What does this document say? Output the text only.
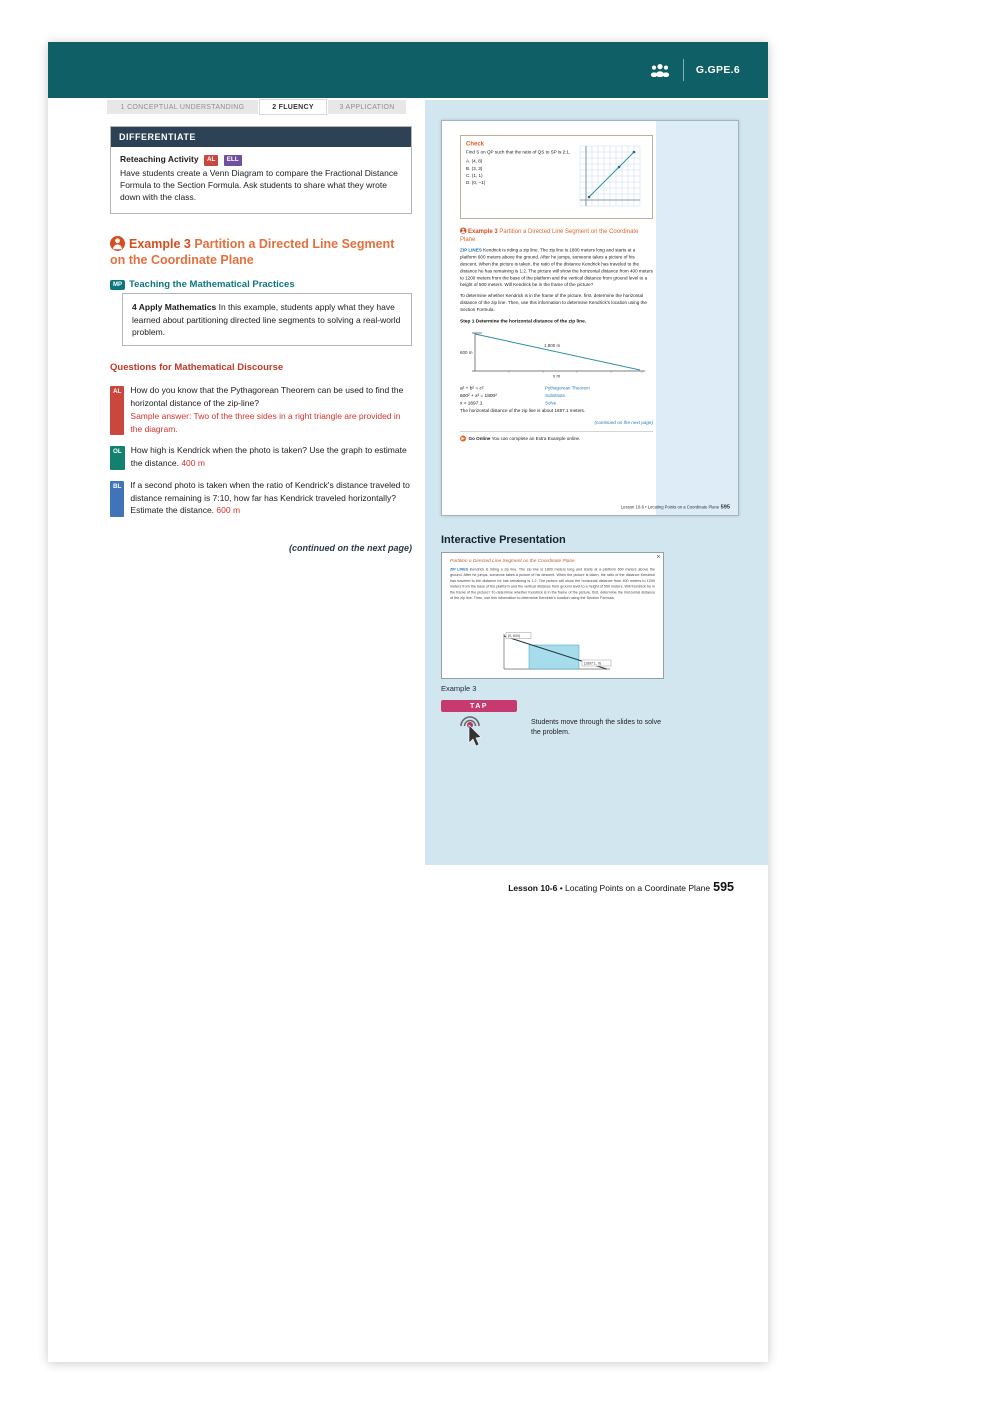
G.GPE.6
1 CONCEPTUAL UNDERSTANDING	2 FLUENCY	3 APPLICATION
DIFFERENTIATE
Reteaching Activity AL ELL

Have students create a Venn Diagram to compare the Fractional Distance Formula to the Section Formula. Ask students to share what they wrote down with the class.

Example 3 Partition a Directed Line Segment on the Coordinate Plane
MP Teaching the Mathematical Practices
4 Apply Mathematics In this example, students apply what they have learned about partitioning directed line segments to solving a real-world problem.
Questions for Mathematical Discourse
AL	How do you know that the Pythagorean Theorem can be used to find the horizontal distance of the zip-line?
Sample answer: Two of the three sides in a right triangle are provided in the diagram.
OL	How high is Kendrick when the photo is taken? Use the graph to estimate the distance. 400 m
BL	If a second photo is taken when the ratio of Kendrick's distance traveled to distance remaining is 7:10, how far has Kendrick traveled horizontally? Estimate the distance. 600 m
(continued on the next page)
Check
Find S on QP such that the ratio of QS to SP is 2:1.
A. (4, 8)
B. (3, 3)
C. (1, 1)
D. (0, −1)
Example 3 Partition a Directed Line Segment on the Coordinate Plane

ZIP LINES Kendrick is riding a zip line. The zip line is 1800 meters long and starts at a platform 600 meters above the ground. After he jumps, someone takes a picture of his descent. When the picture is taken, the ratio of the distance Kendrick has traveled to the distance he has remaining is 1:2. The picture will show the horizontal distance from 400 meters to 1200 meters from the base of the platform and the vertical distance from ground level to a height of 500 meters. Will Kendrick be in the frame of the picture?

To determine whether Kendrick is in the frame of the picture, first, determine the horizontal distance of the zip line. Then, use this information to determine Kendrick's location using the Section Formula.

Step 1 Determine the horizontal distance of the zip line.
600 m
1,800 m
x m
a² + b² = c²	Pythagorean Theorem
600² + x² = 1800²	Substitute.
x ≈ 1697.1	Solve.

The horizontal distance of the zip line is about 1697.1 meters.

(continued on the next page)
▶ Go Online You can complete an Extra Example online.
Lesson 10-6 • Locating Points on a Coordinate Plane 595
Interactive Presentation
×
Partition a Directed Line Segment on the Coordinate Plane
ZIP LINES Kendrick is riding a zip line. The zip line is 1800 meters long and starts at a platform 600 meters above the ground. After he jumps, someone takes a picture of his descent. When the picture is taken, the ratio of the distance Kendrick has traveled to the distance he has remaining is 1:2. The picture will show the horizontal distance from 400 meters to 1200 meters from the base of the platform and the vertical distance from ground level to a height of 500 meters. Will Kendrick be in the frame of the picture? To determine whether Kendrick is in the frame of the picture, first, determine the horizontal distance of the zip line. Then, use this information to determine Kendrick's location using the Section Formula.
(0, 600)
(1697.1, 0)
Example 3
TAP

Students move through the slides to solve the problem.

Lesson 10-6 • Locating Points on a Coordinate Plane 595
